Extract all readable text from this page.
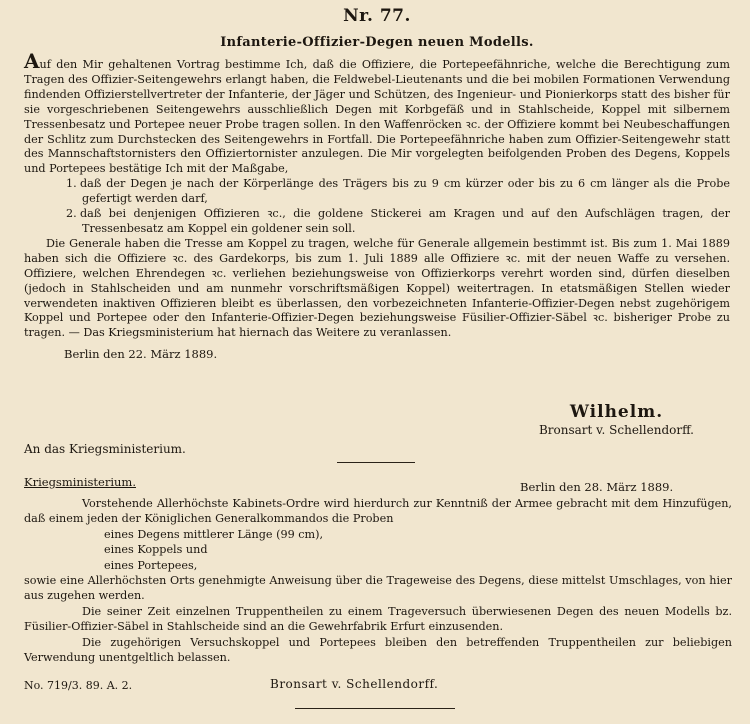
Nr. 77.
Infanterie-Offizier-Degen neuen Modells.

Auf den Mir gehaltenen Vortrag bestimme Ich, daß die Offiziere, die Portepeefähnriche, welche die Berechtigung zum Tragen des Offizier-Seitengewehrs erlangt haben, die Feldwebel-Lieutenants und die bei mobilen Formationen Verwendung findenden Offizierstellvertreter der Infanterie, der Jäger und Schützen, des Ingenieur- und Pionierkorps statt des bisher für sie vorgeschriebenen Seitengewehrs ausschließlich Degen mit Korbgefäß und in Stahlscheide, Koppel mit silbernem Tressenbesatz und Portepee neuer Probe tragen sollen. In den Waffenröcken ꝛc. der Offiziere kommt bei Neubeschaffungen der Schlitz zum Durchstecken des Seitengewehrs in Fortfall. Die Portepeefähnriche haben zum Offizier-Seitengewehr statt des Mannschaftstornisters den Offiziertornister anzulegen. Die Mir vorgelegten beifolgenden Proben des Degens, Koppels und Portepees bestätige Ich mit der Maßgabe,

1. daß der Degen je nach der Körperlänge des Trägers bis zu 9 cm kürzer oder bis zu 6 cm länger als die Probe gefertigt werden darf,
2. daß bei denjenigen Offizieren ꝛc., die goldene Stickerei am Kragen und auf den Aufschlägen tragen, der Tressenbesatz am Koppel ein goldener sein soll.

Die Generale haben die Tresse am Koppel zu tragen, welche für Generale allgemein bestimmt ist. Bis zum 1. Mai 1889 haben sich die Offiziere ꝛc. des Gardekorps, bis zum 1. Juli 1889 alle Offiziere ꝛc. mit der neuen Waffe zu versehen. Offiziere, welchen Ehrendegen ꝛc. verliehen beziehungsweise von Offizierkorps verehrt worden sind, dürfen dieselben (jedoch in Stahlscheiden und am nunmehr vorschriftsmäßigen Koppel) weitertragen. In etatsmäßigen Stellen wieder verwendeten inaktiven Offizieren bleibt es überlassen, den vorbezeichneten Infanterie-Offizier-Degen nebst zugehörigem Koppel und Portepee oder den Infanterie-Offizier-Degen beziehungsweise Füsilier-Offizier-Säbel ꝛc. bisheriger Probe zu tragen. — Das Kriegsministerium hat hiernach das Weitere zu veranlassen.

Berlin den 22. März 1889.
Wilhelm.
Bronsart v. Schellendorff.
An das Kriegsministerium.
Kriegsministerium.	Berlin den 28. März 1889.

Vorstehende Allerhöchste Kabinets-Ordre wird hierdurch zur Kenntniß der Armee gebracht mit dem Hinzufügen, daß einem jeden der Königlichen Generalkommandos die Proben

eines Degens mittlerer Länge (99 cm),
eines Koppels und
eines Portepees,

sowie eine Allerhöchsten Orts genehmigte Anweisung über die Trageweise des Degens, diese mittelst Umschlages, von hier aus zugehen werden.

Die seiner Zeit einzelnen Truppentheilen zu einem Trageversuch überwiesenen Degen des neuen Modells bz. Füsilier-Offizier-Säbel in Stahlscheide sind an die Gewehrfabrik Erfurt einzusenden.

Die zugehörigen Versuchskoppel und Portepees bleiben den betreffenden Truppentheilen zur beliebigen Verwendung unentgeltlich belassen.

No. 719/3. 89. A. 2.	Bronsart v. Schellendorff.
